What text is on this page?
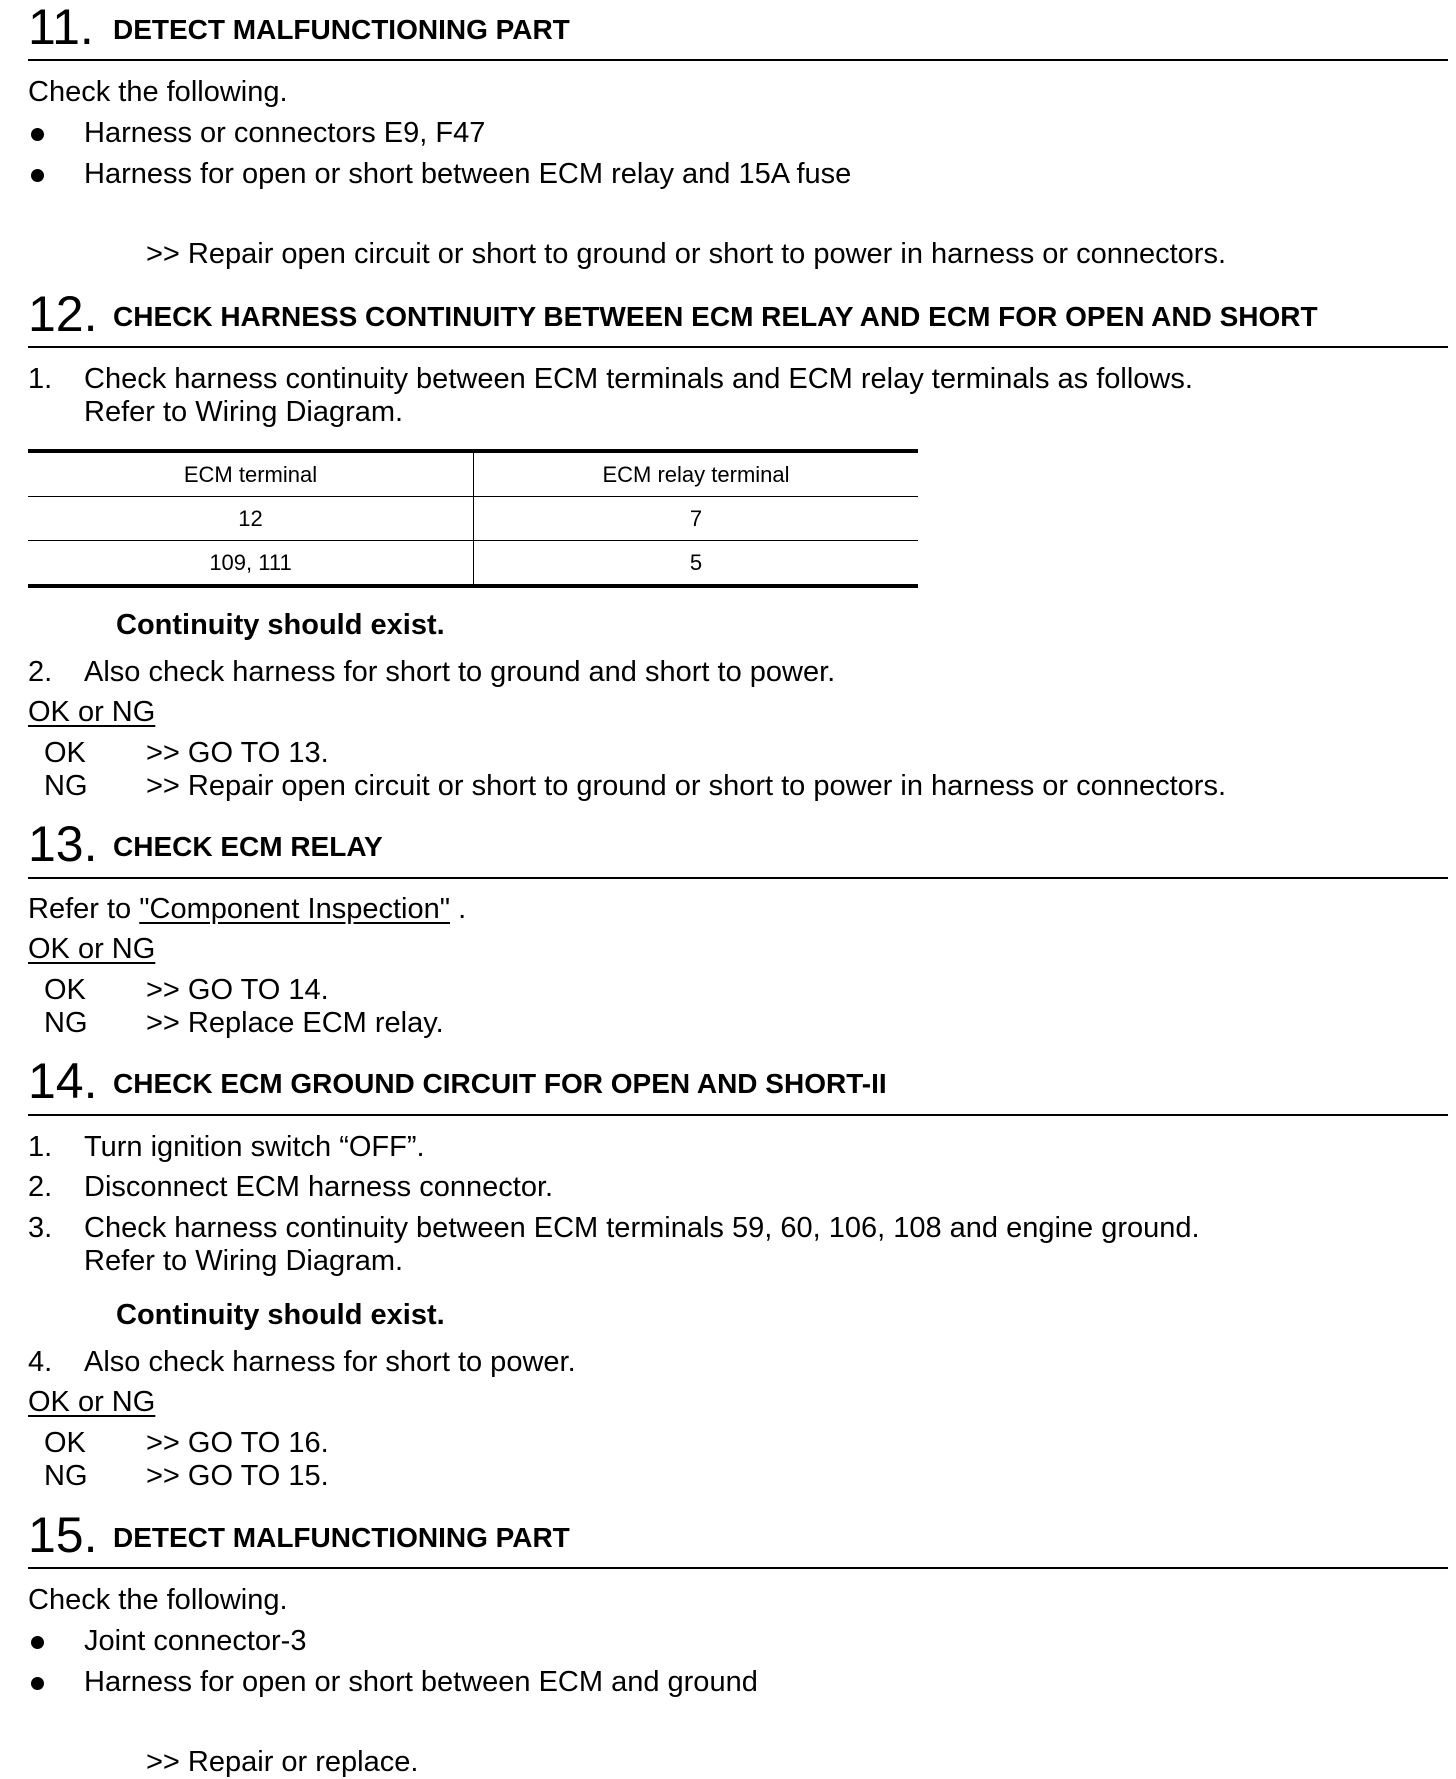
11. DETECT MALFUNCTIONING PART
Check the following.
Harness or connectors E9, F47
Harness for open or short between ECM relay and 15A fuse
>> Repair open circuit or short to ground or short to power in harness or connectors.
12. CHECK HARNESS CONTINUITY BETWEEN ECM RELAY AND ECM FOR OPEN AND SHORT
1. Check harness continuity between ECM terminals and ECM relay terminals as follows.
Refer to Wiring Diagram.
ECM terminal	ECM relay terminal
12	7
109, 111	5
Continuity should exist.
2. Also check harness for short to ground and short to power.
OK or NG
OK >> GO TO 13.
NG >> Repair open circuit or short to ground or short to power in harness or connectors.
13. CHECK ECM RELAY
Refer to "Component Inspection" .
OK or NG
OK >> GO TO 14.
NG >> Replace ECM relay.
14. CHECK ECM GROUND CIRCUIT FOR OPEN AND SHORT-II
1. Turn ignition switch “OFF”.
2. Disconnect ECM harness connector.
3. Check harness continuity between ECM terminals 59, 60, 106, 108 and engine ground.
Refer to Wiring Diagram.
Continuity should exist.
4. Also check harness for short to power.
OK or NG
OK >> GO TO 16.
NG >> GO TO 15.
15. DETECT MALFUNCTIONING PART
Check the following.
Joint connector-3
Harness for open or short between ECM and ground
>> Repair or replace.
